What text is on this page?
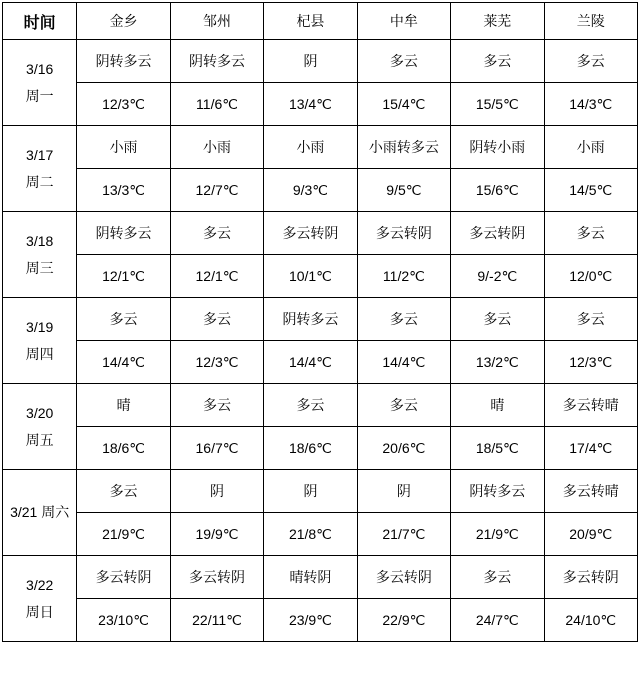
时间	金乡	邹州	杞县	中牟	莱芜	兰陵

3/16
周一	阴转多云	阴转多云	阴	多云	多云	多云
	12/3℃	11/6℃	13/4℃	15/4℃	15/5℃	14/3℃

3/17
周二	小雨	小雨	小雨	小雨转多云	阴转小雨	小雨
	13/3℃	12/7℃	9/3℃	9/5℃	15/6℃	14/5℃

3/18
周三	阴转多云	多云	多云转阴	多云转阴	多云转阴	多云
	12/1℃	12/1℃	10/1℃	11/2℃	9/-2℃	12/0℃

3/19
周四	多云	多云	阴转多云	多云	多云	多云
	14/4℃	12/3℃	14/4℃	14/4℃	13/2℃	12/3℃

3/20
周五	晴	多云	多云	多云	晴	多云转晴
	18/6℃	16/7℃	18/6℃	20/6℃	18/5℃	17/4℃
3/21 周六	多云	阴	阴	阴	阴转多云	多云转晴
	21/9℃	19/9℃	21/8℃	21/7℃	21/9℃	20/9℃

3/22
周日	多云转阴	多云转阴	晴转阴	多云转阴	多云	多云转阴
	23/10℃	22/11℃	23/9℃	22/9℃	24/7℃	24/10℃
